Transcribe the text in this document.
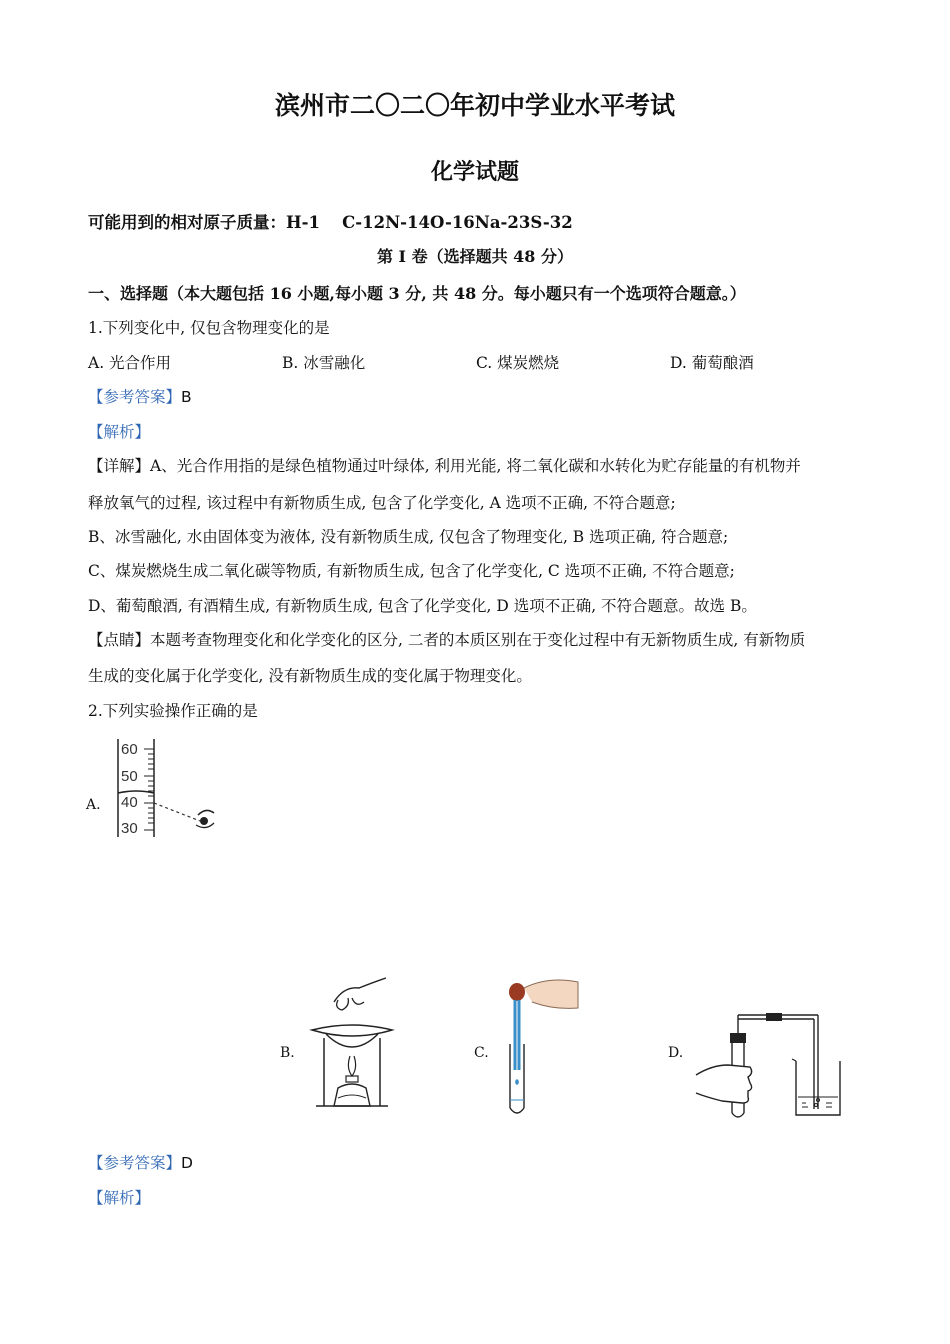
滨州市二〇二〇年初中学业水平考试
化学试题
可能用到的相对原子质量：H-1　 C-12N-14O-16Na-23S-32
第 I 卷（选择题共 48 分）
一、选择题（本大题包括 16 小题,每小题 3 分, 共 48 分。每小题只有一个选项符合题意。）
1.下列变化中, 仅包含物理变化的是
A. 光合作用	B. 冰雪融化	C. 煤炭燃烧	D. 葡萄酿酒
【参考答案】B
【解析】
【详解】A、光合作用指的是绿色植物通过叶绿体, 利用光能, 将二氧化碳和水转化为贮存能量的有机物并
释放氧气的过程, 该过程中有新物质生成, 包含了化学变化, A 选项不正确, 不符合题意;
B、冰雪融化, 水由固体变为液体, 没有新物质生成, 仅包含了物理变化, B 选项正确, 符合题意;
C、煤炭燃烧生成二氧化碳等物质, 有新物质生成, 包含了化学变化, C 选项不正确, 不符合题意;
D、葡萄酿酒, 有酒精生成, 有新物质生成, 包含了化学变化, D 选项不正确, 不符合题意。故选 B。
【点睛】本题考查物理变化和化学变化的区分, 二者的本质区别在于变化过程中有无新物质生成, 有新物质
生成的变化属于化学变化, 没有新物质生成的变化属于物理变化。
2.下列实验操作正确的是
A.
60
50
40
30
B.	C.	D.
【参考答案】D
【解析】
